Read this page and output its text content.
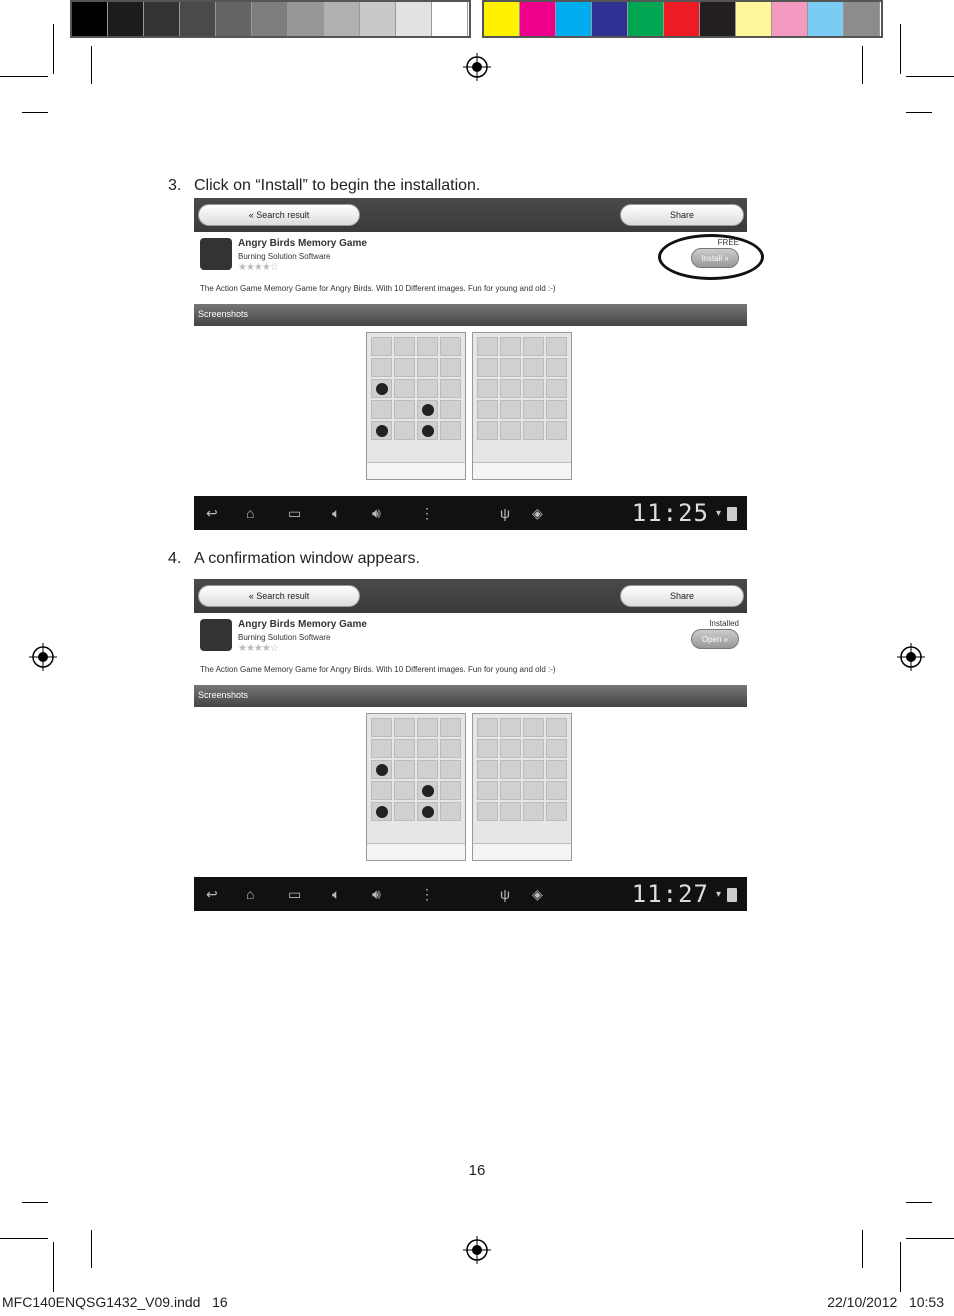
3. Click on “Install” to begin the installation.
« Search result	Share
Angry Birds Memory Game
Burning Solution Software
★★★★☆
FREE
Install »
The Action Game Memory Game for Angry Birds. With 10 Different images. Fun for young and old :-)
Screenshots
↩ ⌂ ▭ 🔈︎ 🔊︎	⋮	ψ ◈	11:25 ▾
4. A confirmation window appears.
« Search result	Share
Angry Birds Memory Game
Burning Solution Software
★★★★☆
Installed
Open »
The Action Game Memory Game for Angry Birds. With 10 Different images. Fun for young and old :-)
Screenshots
↩ ⌂ ▭ 🔈︎ 🔊︎	⋮	ψ ◈	11:27 ▾
16
MFC140ENQSG1432_V09.indd   16	22/10/2012   10:53
